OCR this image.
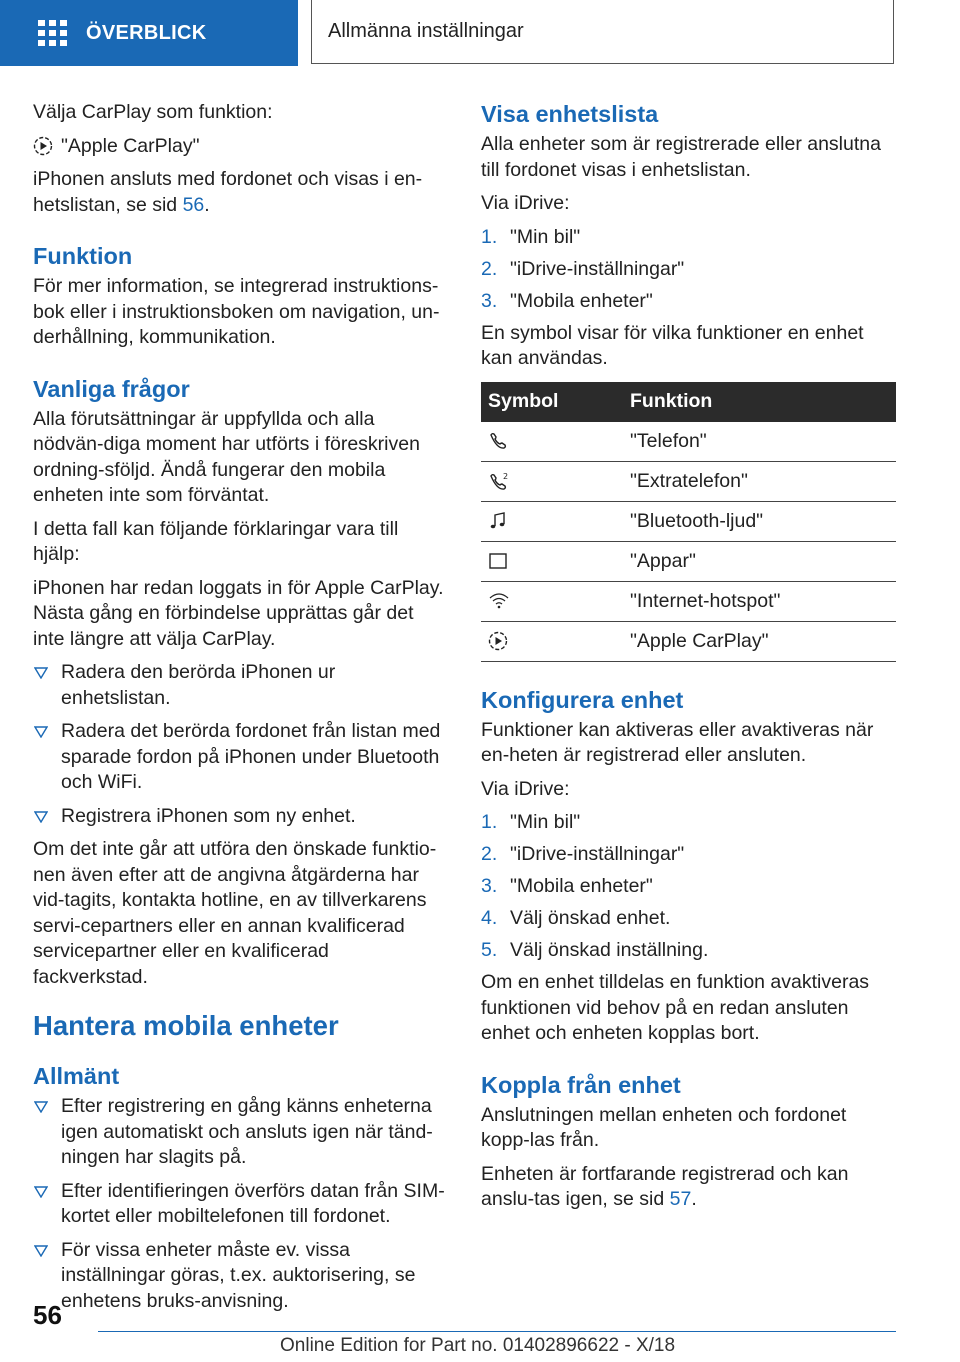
ÖVERBLICK	Allmänna inställningar

Välja CarPlay som funktion:

"Apple CarPlay"

iPhonen ansluts med fordonet och visas i en-hetslistan, se sid 56.

Funktion

För mer information, se integrerad instruktions-bok eller i instruktionsboken om navigation, un-derhållning, kommunikation.

Vanliga frågor

Alla förutsättningar är uppfyllda och alla nödvän-diga moment har utförts i föreskriven ordning-sföljd. Ändå fungerar den mobila enheten inte som förväntat.

I detta fall kan följande förklaringar vara till hjälp:

iPhonen har redan loggats in för Apple CarPlay. Nästa gång en förbindelse upprättas går det inte längre att välja CarPlay.

Radera den berörda iPhonen ur enhetslistan.
Radera det berörda fordonet från listan med sparade fordon på iPhonen under Bluetooth och WiFi.
Registrera iPhonen som ny enhet.

Om det inte går att utföra den önskade funktio-nen även efter att de angivna åtgärderna har vid-tagits, kontakta hotline, en av tillverkarens servi-cepartners eller en annan kvalificerad servicepartner eller en kvalificerad fackverkstad.

Hantera mobila enheter
Allmänt
Efter registrering en gång känns enheterna igen automatiskt och ansluts igen när tänd-ningen har slagits på.
Efter identifieringen överförs datan från SIM-kortet eller mobiltelefonen till fordonet.
För vissa enheter måste ev. vissa inställningar göras, t.ex. auktorisering, se enhetens bruks-anvisning.
Visa enhetslista

Alla enheter som är registrerade eller anslutna till fordonet visas i enhetslistan.

Via iDrive:

1. "Min bil"
2. "iDrive-inställningar"
3. "Mobila enheter"

En symbol visar för vilka funktioner en enhet kan användas.

Symbol	Funktion

	"Telefon"

2	"Extratelefon"

	"Bluetooth-ljud"

	"Appar"

	"Internet-hotspot"

	"Apple CarPlay"
Konfigurera enhet

Funktioner kan aktiveras eller avaktiveras när en-heten är registrerad eller ansluten.

Via iDrive:

1. "Min bil"
2. "iDrive-inställningar"
3. "Mobila enheter"
4. Välj önskad enhet.
5. Välj önskad inställning.

Om en enhet tilldelas en funktion avaktiveras funktionen vid behov på en redan ansluten enhet och enheten kopplas bort.

Koppla från enhet

Anslutningen mellan enheten och fordonet kopp-las från.

Enheten är fortfarande registrerad och kan anslu-tas igen, se sid 57.

56
Online Edition for Part no. 01402896622 - X/18
